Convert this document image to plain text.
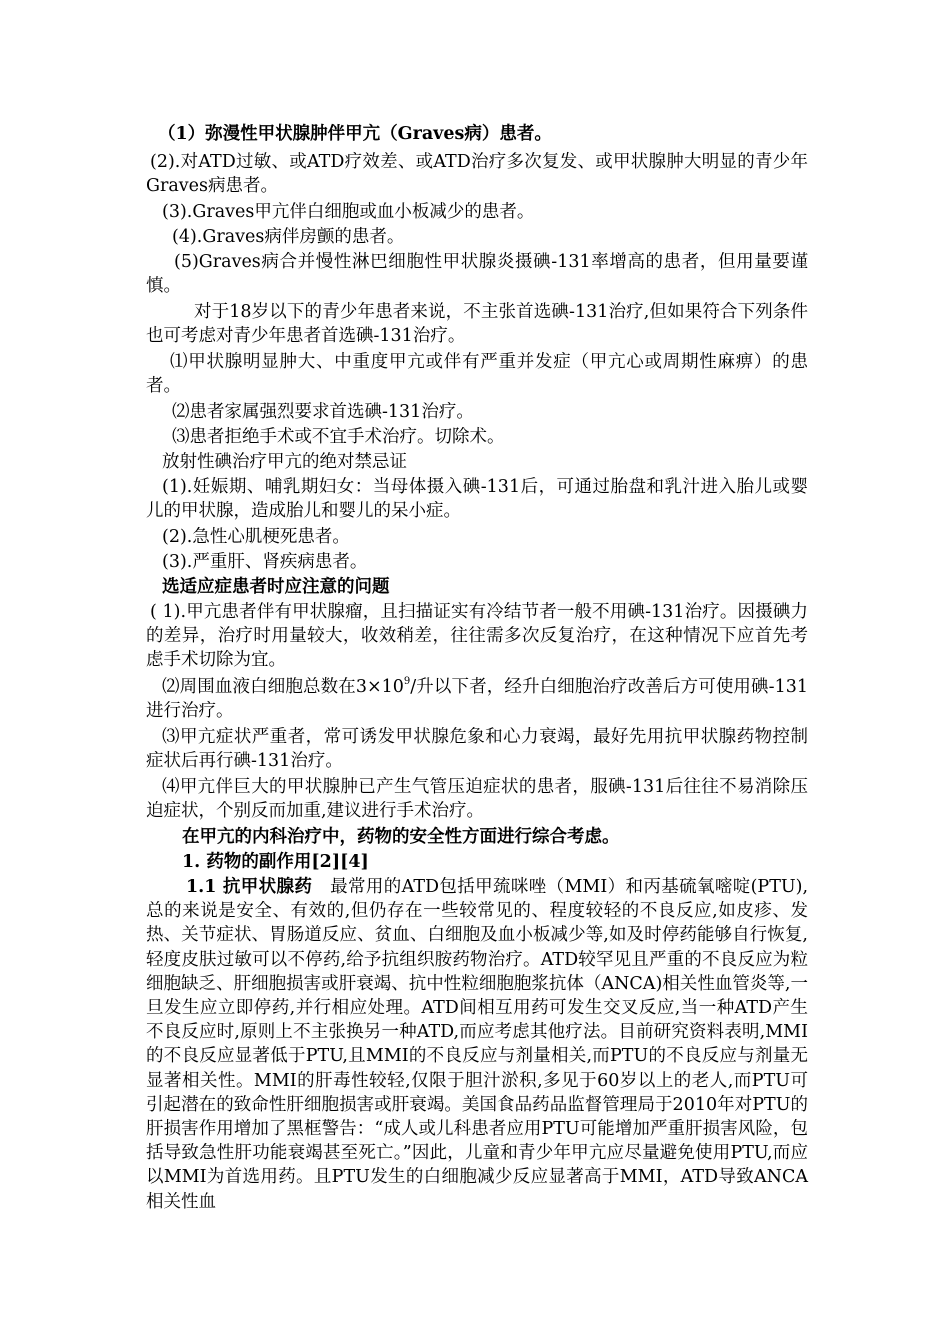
（1）弥漫性甲状腺肿伴甲亢（Graves病）患者。
(2).对ATD过敏、或ATD疗效差、或ATD治疗多次复发、或甲状腺肿大明显的青少年Graves病患者。
(3).Graves甲亢伴白细胞或血小板减少的患者。
(4).Graves病伴房颤的患者。
(5)Graves病合并慢性淋巴细胞性甲状腺炎摄碘-131率增高的患者，但用量要谨慎。
对于18岁以下的青少年患者来说，不主张首选碘-131治疗,但如果符合下列条件也可考虑对青少年患者首选碘-131治疗。
⑴甲状腺明显肿大、中重度甲亢或伴有严重并发症（甲亢心或周期性麻痹）的患者。
⑵患者家属强烈要求首选碘-131治疗。
⑶患者拒绝手术或不宜手术治疗。切除术。
放射性碘治疗甲亢的绝对禁忌证
(1).妊娠期、哺乳期妇女：当母体摄入碘-131后，可通过胎盘和乳汁进入胎儿或婴儿的甲状腺，造成胎儿和婴儿的呆小症。
(2).急性心肌梗死患者。
(3).严重肝、肾疾病患者。
选适应症患者时应注意的问题
( 1).甲亢患者伴有甲状腺瘤，且扫描证实有冷结节者一般不用碘-131治疗。因摄碘力的差异，治疗时用量较大，收效稍差，往往需多次反复治疗，在这种情况下应首先考虑手术切除为宜。
⑵周围血液白细胞总数在$3\times 10^9/$升以下者，经升白细胞治疗改善后方可使用碘-131进行治疗。
⑶甲亢症状严重者，常可诱发甲状腺危象和心力衰竭，最好先用抗甲状腺药物控制症状后再行碘-131治疗。
⑷甲亢伴巨大的甲状腺肿已产生气管压迫症状的患者，服碘-131后往往不易消除压迫症状，个别反而加重,建议进行手术治疗。
在甲亢的内科治疗中，药物的安全性方面进行综合考虑。
1. 药物的副作用[2][4]
1.1 抗甲状腺药　最常用的ATD包括甲巯咪唑（MMI）和丙基硫氧嘧啶(PTU),总的来说是安全、有效的,但仍存在一些较常见的、程度较轻的不良反应,如皮疹、发热、关节症状、胃肠道反应、贫血、白细胞及血小板减少等,如及时停药能够自行恢复,轻度皮肤过敏可以不停药,给予抗组织胺药物治疗。ATD较罕见且严重的不良反应为粒细胞缺乏、肝细胞损害或肝衰竭、抗中性粒细胞胞浆抗体（ANCA)相关性血管炎等,一旦发生应立即停药,并行相应处理。ATD间相互用药可发生交叉反应,当一种ATD产生不良反应时,原则上不主张换另一种ATD,而应考虑其他疗法。目前研究资料表明,MMI的不良反应显著低于PTU,且MMI的不良反应与剂量相关,而PTU的不良反应与剂量无显著相关性。MMI的肝毒性较轻,仅限于胆汁淤积,多见于60岁以上的老人,而PTU可引起潜在的致命性肝细胞损害或肝衰竭。美国食品药品监督管理局于2010年对PTU的肝损害作用增加了黑框警告：“成人或儿科患者应用PTU可能增加严重肝损害风险，包括导致急性肝功能衰竭甚至死亡。”因此，儿童和青少年甲亢应尽量避免使用PTU,而应以MMI为首选用药。且PTU发生的白细胞减少反应显著高于MMI，ATD导致ANCA相关性血
